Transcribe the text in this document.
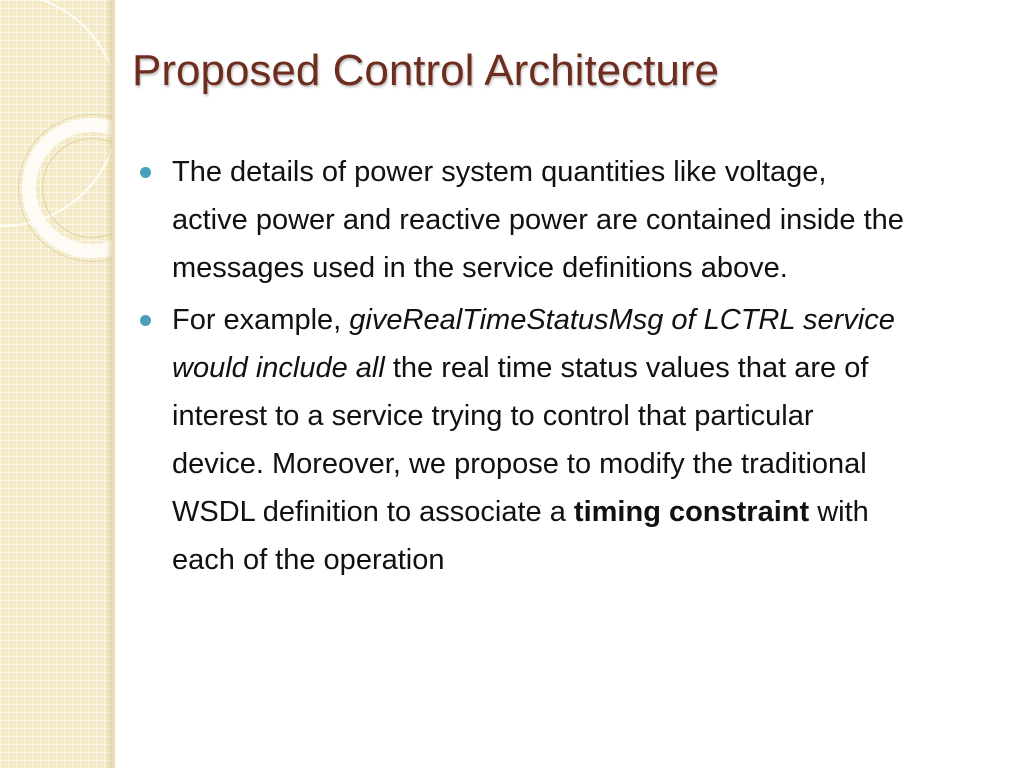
Proposed Control Architecture
The details of power system quantities like voltage, active power and reactive power are contained inside the messages used in the service definitions above.
For example, giveRealTimeStatusMsg of LCTRL service would include all the real time status values that are of interest to a service trying to control that particular device. Moreover, we propose to modify the traditional WSDL definition to associate a timing constraint with each of the operation
